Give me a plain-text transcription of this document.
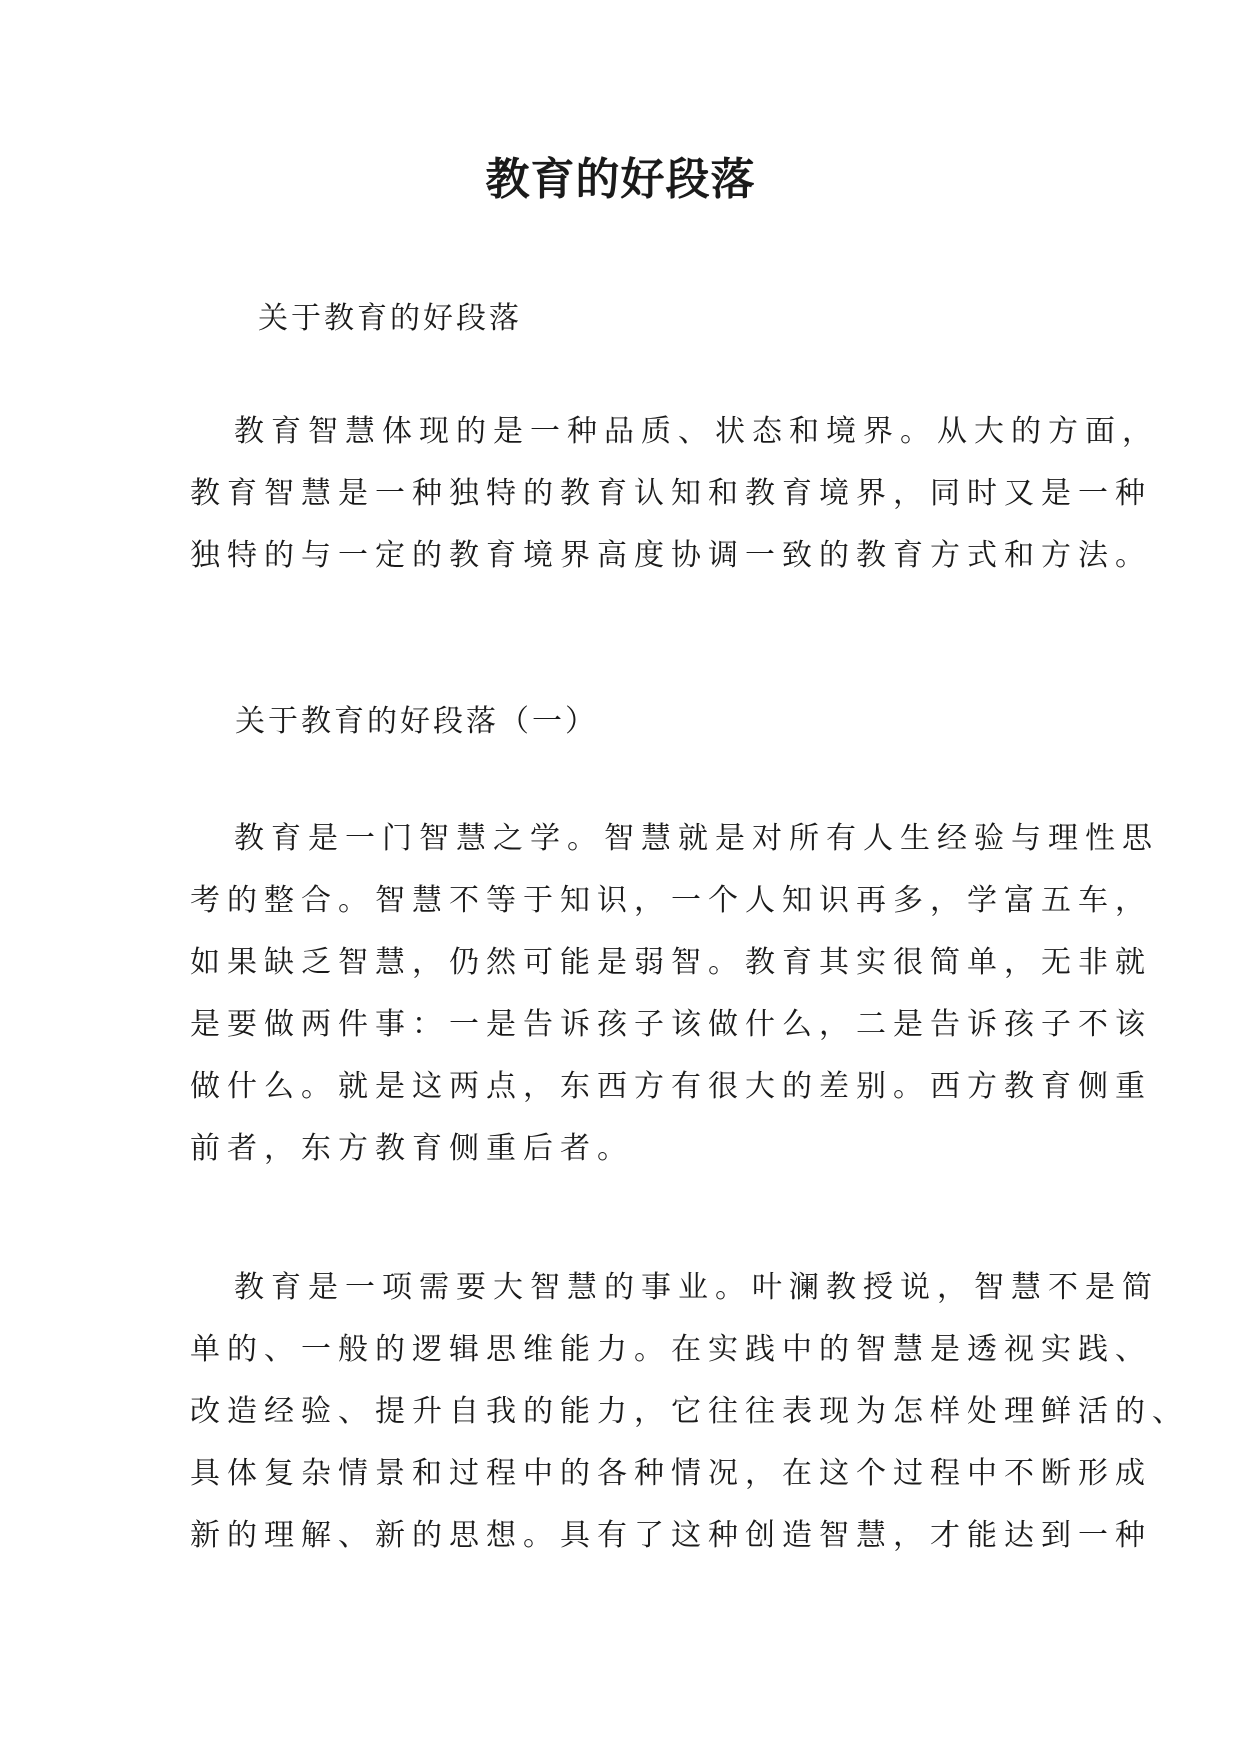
教育的好段落
关于教育的好段落
教育智慧体现的是一种品质、状态和境界。从大的方面，
教育智慧是一种独特的教育认知和教育境界，同时又是一种
独特的与一定的教育境界高度协调一致的教育方式和方法。
关于教育的好段落（一）
教育是一门智慧之学。智慧就是对所有人生经验与理性思
考的整合。智慧不等于知识，一个人知识再多，学富五车，
如果缺乏智慧，仍然可能是弱智。教育其实很简单，无非就
是要做两件事：一是告诉孩子该做什么，二是告诉孩子不该
做什么。就是这两点，东西方有很大的差别。西方教育侧重
前者，东方教育侧重后者。
教育是一项需要大智慧的事业。叶澜教授说，智慧不是简
单的、一般的逻辑思维能力。在实践中的智慧是透视实践、
改造经验、提升自我的能力，它往往表现为怎样处理鲜活的、
具体复杂情景和过程中的各种情况，在这个过程中不断形成
新的理解、新的思想。具有了这种创造智慧，才能达到一种
